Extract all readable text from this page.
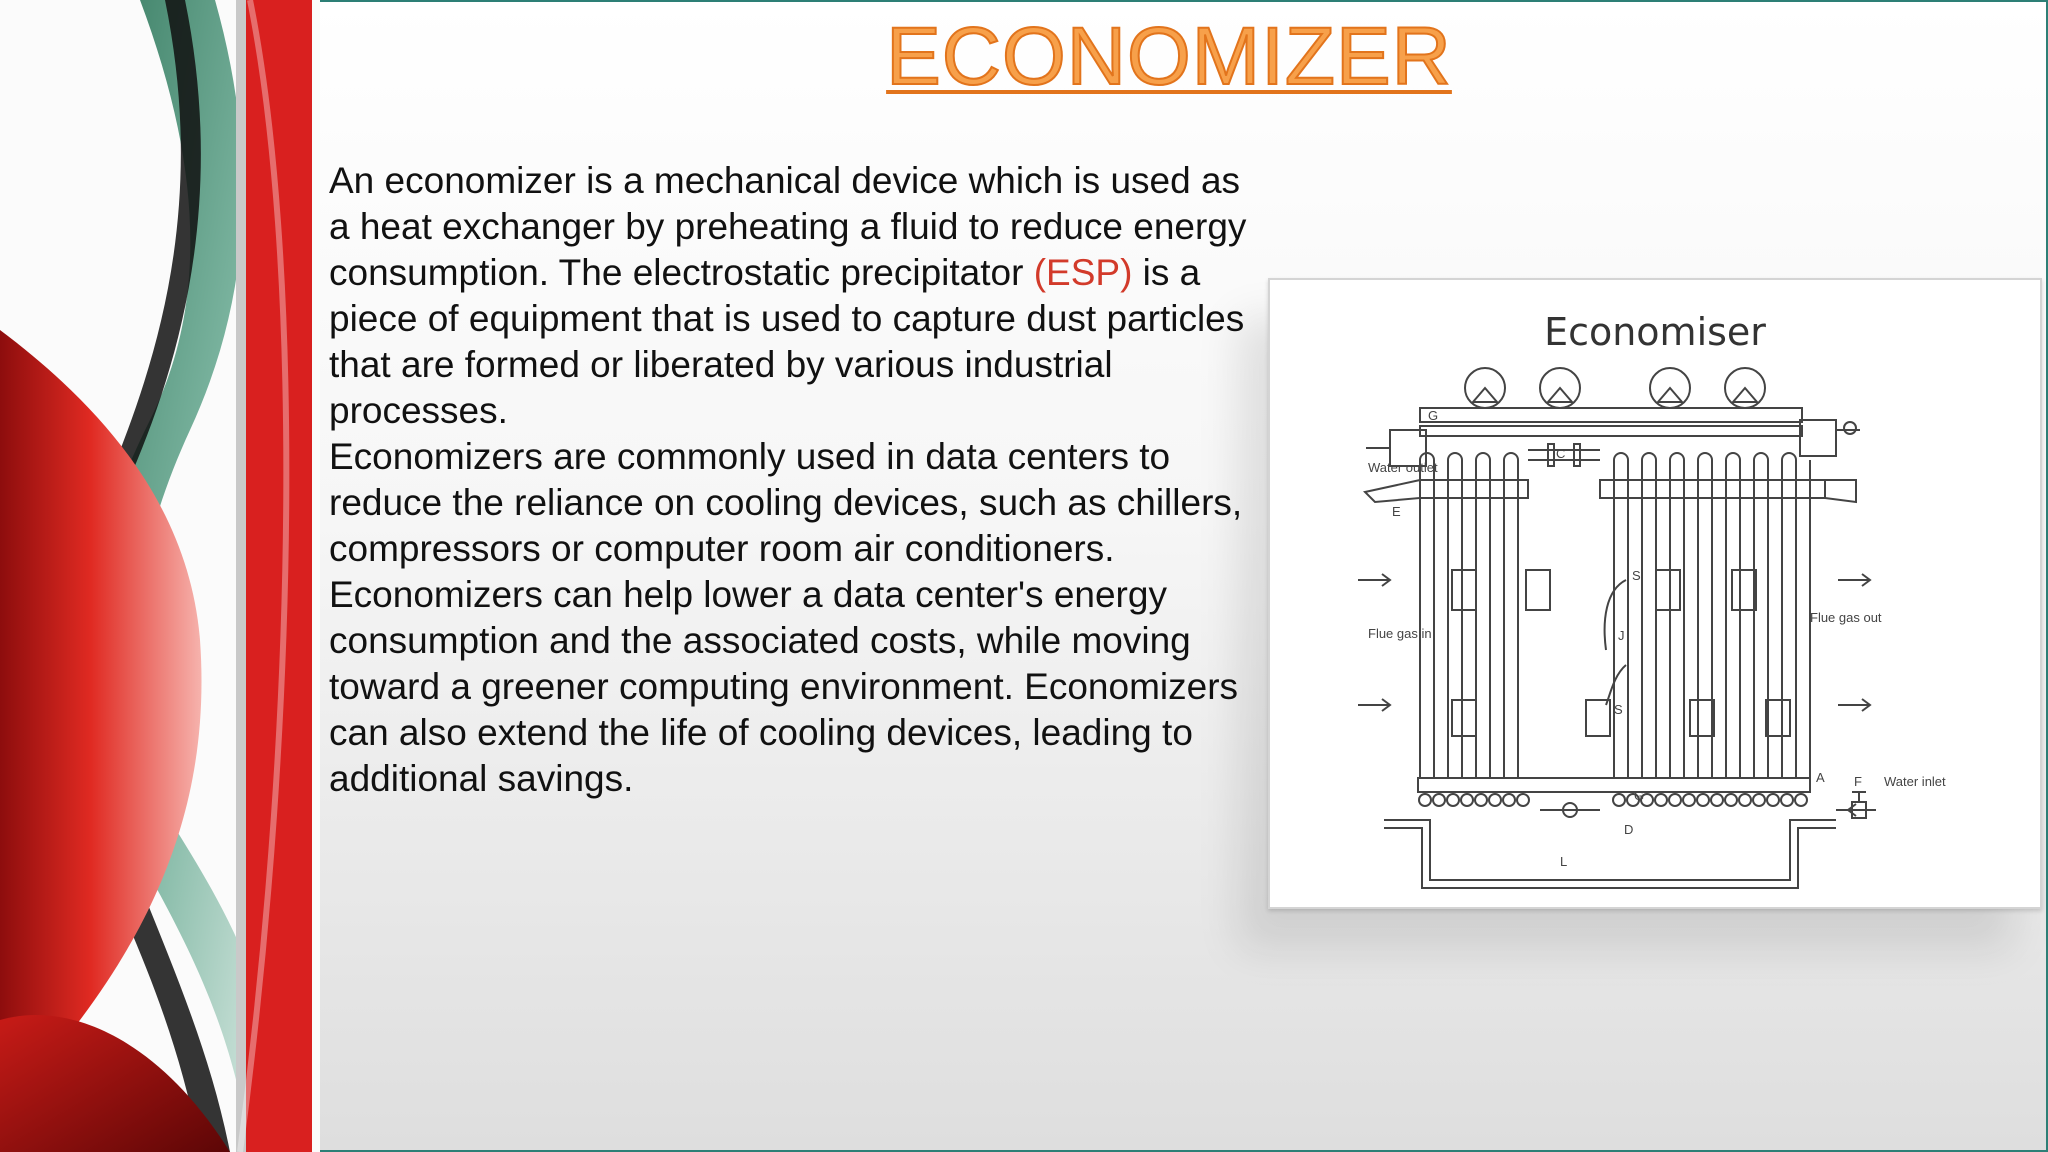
ECONOMIZER

An economizer is a mechanical device which is used as a heat exchanger by preheating a fluid to reduce energy consumption. The electrostatic precipitator (ESP) is a piece of equipment that is used to capture dust particles that are formed or liberated by various industrial processes.

Economizers are commonly used in data centers to reduce the reliance on cooling devices, such as chillers, compressors or computer room air conditioners. Economizers can help lower a data center's energy consumption and the associated costs, while moving toward a greener computing environment. Economizers can also extend the life of cooling devices, leading to additional savings.

Economiser
Water outlet
E
G
C
Flue gas in
Flue gas out
S
J
S
A F Water inlet
G
D
L
